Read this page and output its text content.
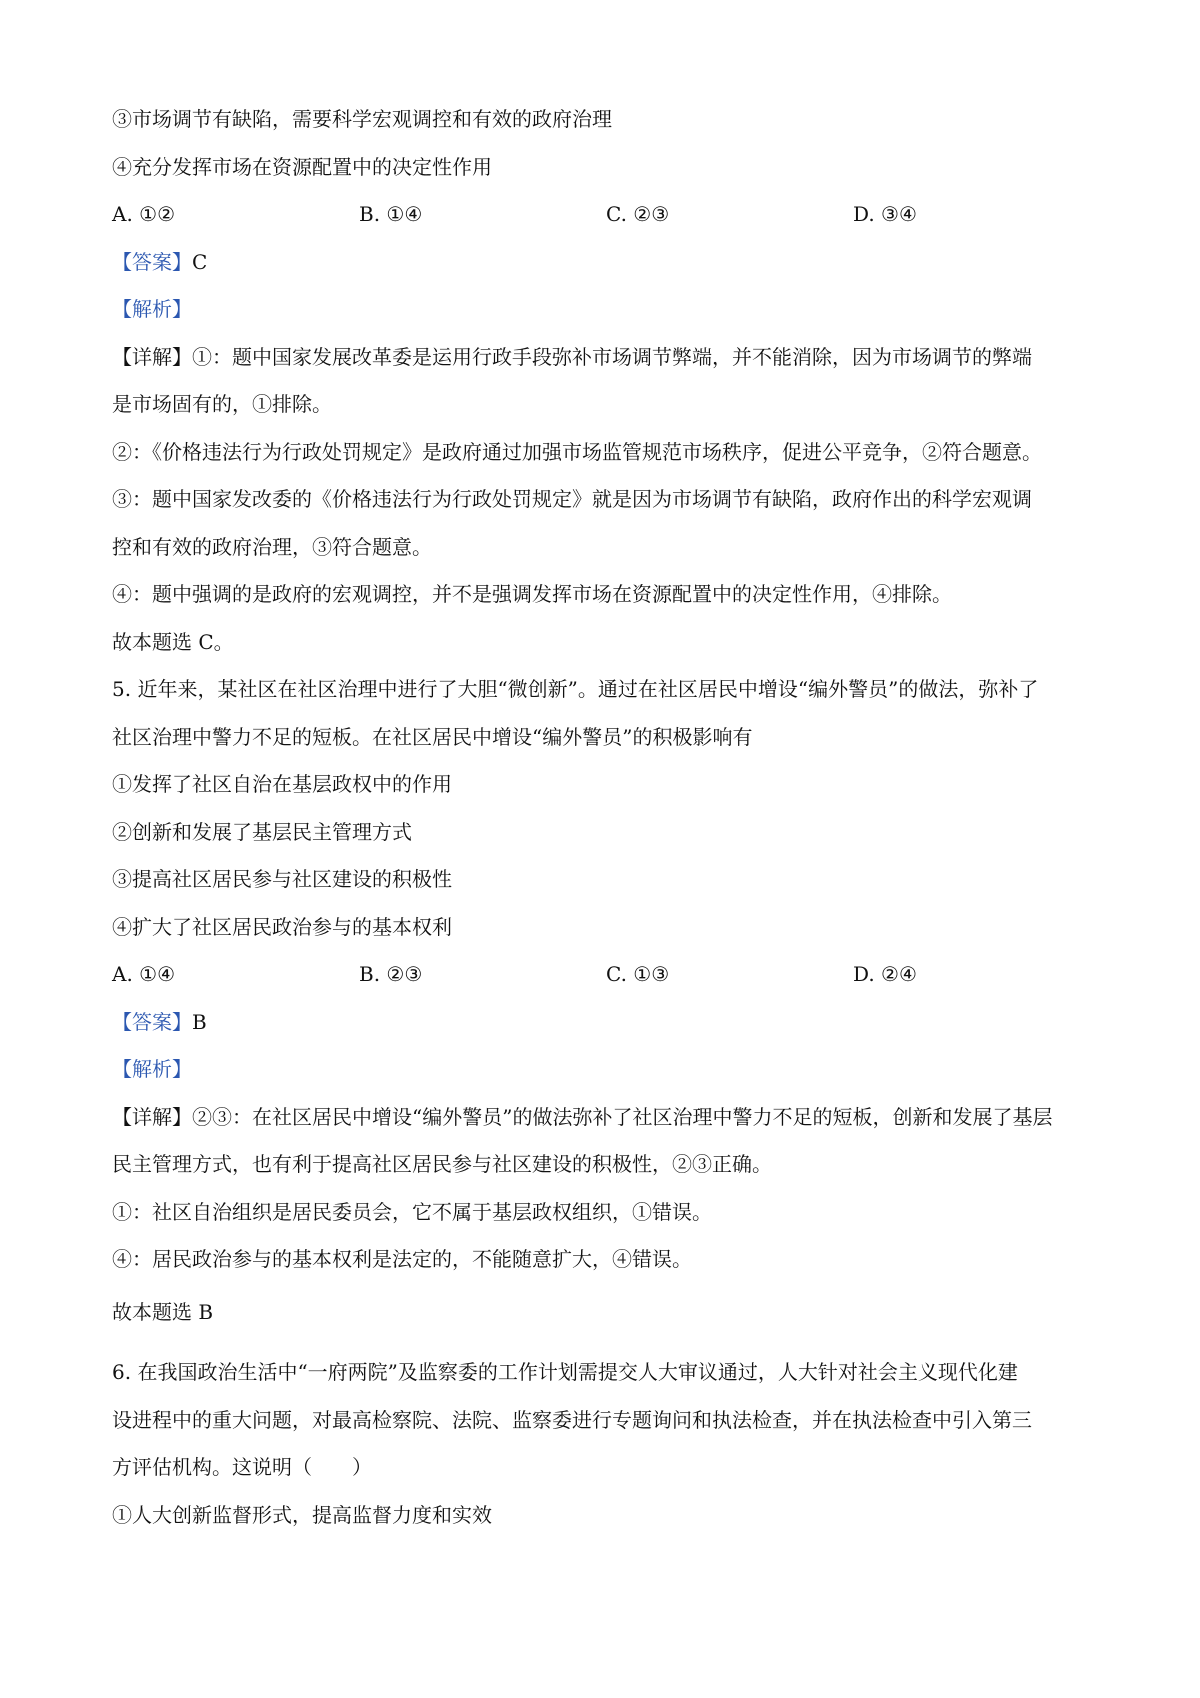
③市场调节有缺陷，需要科学宏观调控和有效的政府治理
④充分发挥市场在资源配置中的决定性作用
A. ①②	B. ①④	C. ②③	D. ③④
【答案】C
【解析】
【详解】①：题中国家发展改革委是运用行政手段弥补市场调节弊端，并不能消除，因为市场调节的弊端
是市场固有的，①排除。
②：《价格违法行为行政处罚规定》是政府通过加强市场监管规范市场秩序，促进公平竞争，②符合题意。
③：题中国家发改委的《价格违法行为行政处罚规定》就是因为市场调节有缺陷，政府作出的科学宏观调
控和有效的政府治理，③符合题意。
④：题中强调的是政府的宏观调控，并不是强调发挥市场在资源配置中的决定性作用，④排除。
故本题选 C。
5. 近年来，某社区在社区治理中进行了大胆“微创新”。通过在社区居民中增设“编外警员”的做法，弥补了
社区治理中警力不足的短板。在社区居民中增设“编外警员”的积极影响有
①发挥了社区自治在基层政权中的作用
②创新和发展了基层民主管理方式
③提高社区居民参与社区建设的积极性
④扩大了社区居民政治参与的基本权利
A. ①④	B. ②③	C. ①③	D. ②④
【答案】B
【解析】
【详解】②③：在社区居民中增设“编外警员”的做法弥补了社区治理中警力不足的短板，创新和发展了基层
民主管理方式，也有利于提高社区居民参与社区建设的积极性，②③正确。
①：社区自治组织是居民委员会，它不属于基层政权组织，①错误。
④：居民政治参与的基本权利是法定的，不能随意扩大，④错误。
故本题选 B
6. 在我国政治生活中“一府两院”及监察委的工作计划需提交人大审议通过，人大针对社会主义现代化建
设进程中的重大问题，对最高检察院、法院、监察委进行专题询问和执法检查，并在执法检查中引入第三
方评估机构。这说明（　　）
①人大创新监督形式，提高监督力度和实效
